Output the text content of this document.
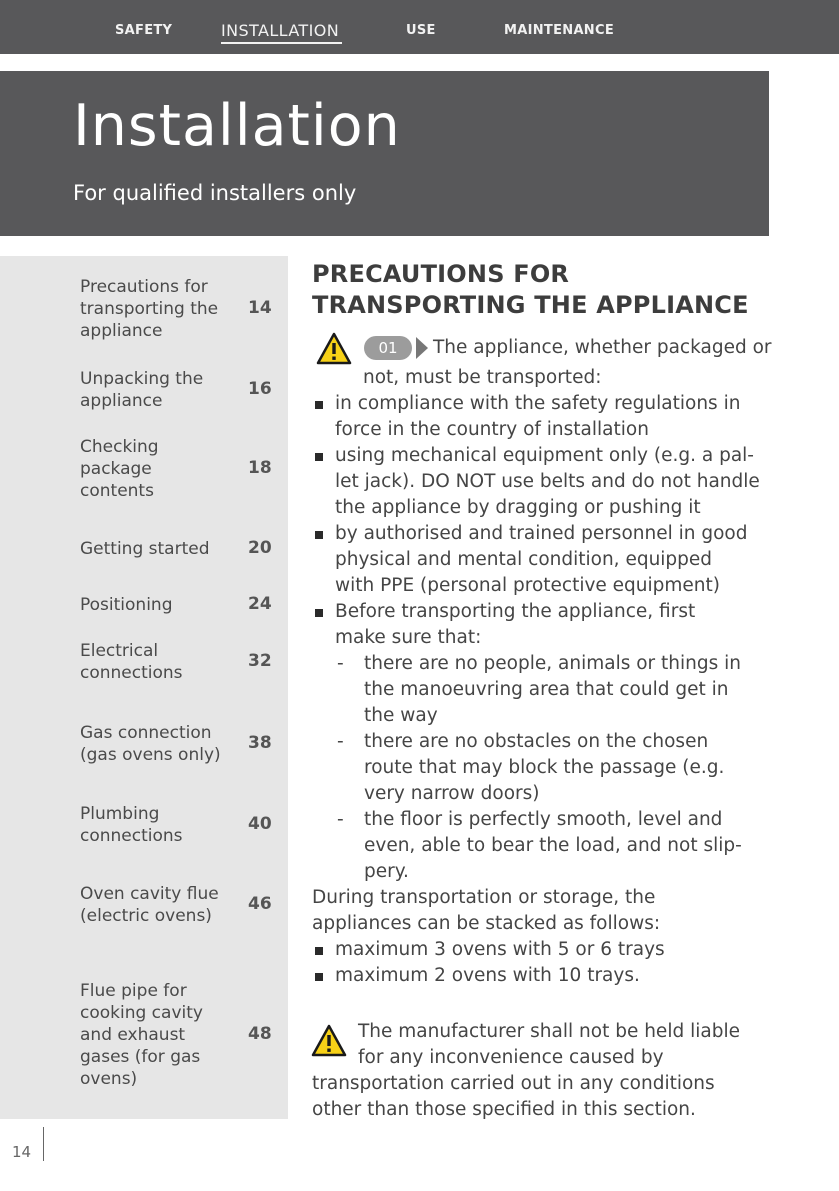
SAFETY	INSTALLATION	USE	MAINTENANCE
Installation
For qualified installers only
Precautions for
transporting the
appliance
14
Unpacking the
appliance
16
Checking
package
contents
18
Getting started 20
Positioning	24
Electrical
connections
32
Gas connection
(gas ovens only)
38
Plumbing
connections
40
Oven cavity flue
(electric ovens)
46
Flue pipe for
cooking cavity
and exhaust
gases (for gas
ovens)
48
PRECAUTIONS FOR
TRANSPORTING THE APPLIANCE
01	The appliance, whether packaged or
not, must be transported:
in compliance with the safety regulations in
force in the country of installation
using mechanical equipment only (e.g. a pal-
let jack). DO NOT use belts and do not handle
the appliance by dragging or pushing it
by authorised and trained personnel in good
physical and mental condition, equipped
with PPE (personal protective equipment)
Before transporting the appliance, first
make sure that:
- there are no people, animals or things in
the manoeuvring area that could get in
the way
- there are no obstacles on the chosen
route that may block the passage (e.g.
very narrow doors)
- the floor is perfectly smooth, level and
even, able to bear the load, and not slip-
pery.
During transportation or storage, the
appliances can be stacked as follows:
maximum 3 ovens with 5 or 6 trays
maximum 2 ovens with 10 trays.
The manufacturer shall not be held liable
for any inconvenience caused by
transportation carried out in any conditions
other than those specified in this section.
14
